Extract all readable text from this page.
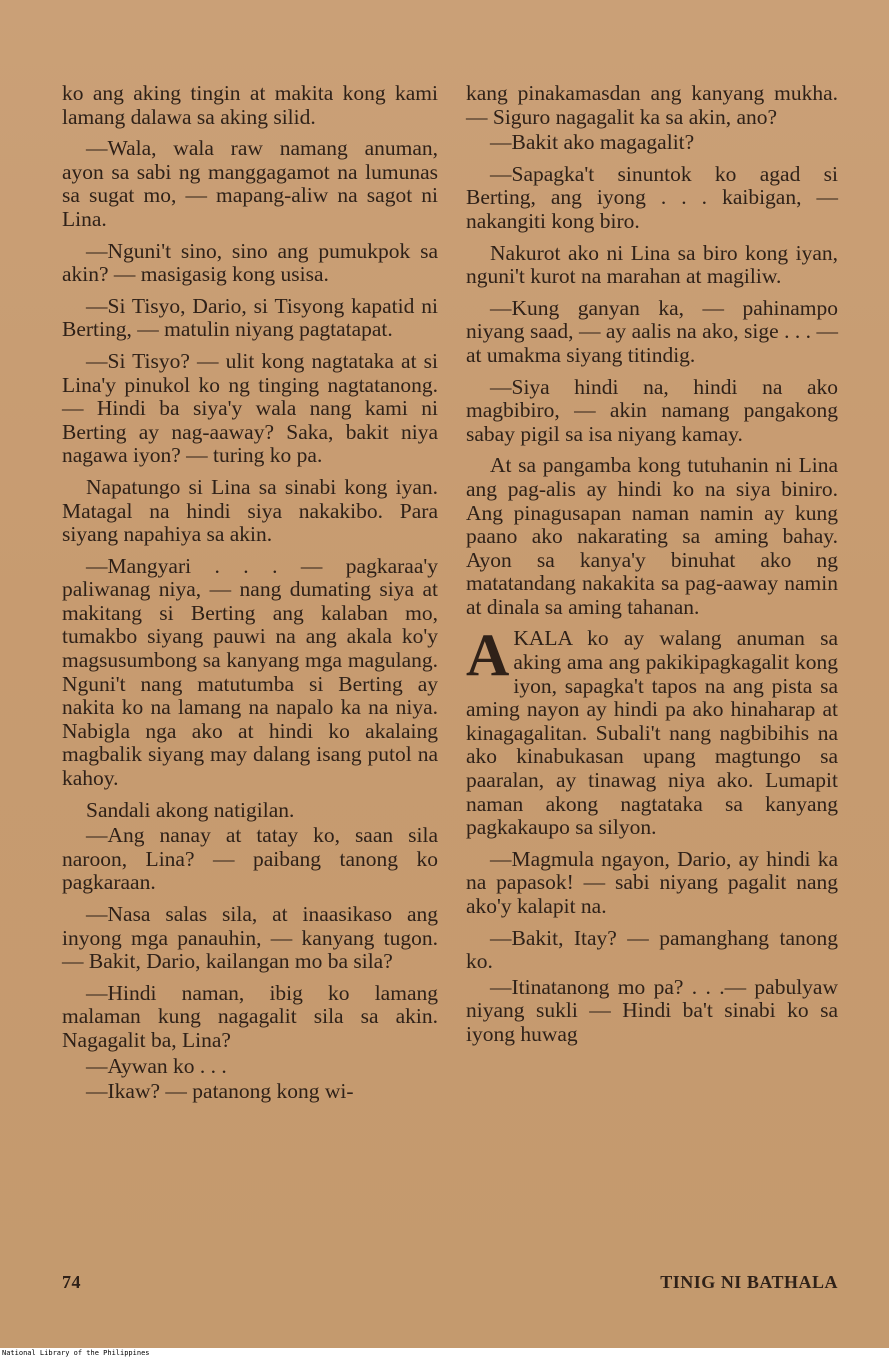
ko ang aking tingin at makita kong kami lamang dalawa sa aking silid.

—Wala, wala raw namang anuman, ayon sa sabi ng manggagamot na lumunas sa sugat mo, — mapang-aliw na sagot ni Lina.

—Nguni't sino, sino ang pumukpok sa akin? — masigasig kong usisa.

—Si Tisyo, Dario, si Tisyong kapatid ni Berting, — matulin niyang pagtatapat.

—Si Tisyo? — ulit kong nagtataka at si Lina'y pinukol ko ng tinging nagtatanong. — Hindi ba siya'y wala nang kami ni Berting ay nag-aaway? Saka, bakit niya nagawa iyon? — turing ko pa.

Napatungo si Lina sa sinabi kong iyan. Matagal na hindi siya nakakibo. Para siyang napahiya sa akin.

—Mangyari . . . — pagkaraa'y paliwanag niya, — nang dumating siya at makitang si Berting ang kalaban mo, tumakbo siyang pauwi na ang akala ko'y magsusumbong sa kanyang mga magulang. Nguni't nang matutumba si Berting ay nakita ko na lamang na napalo ka na niya. Nabigla nga ako at hindi ko akalaing magbalik siyang may dalang isang putol na kahoy.

Sandali akong natigilan.

—Ang nanay at tatay ko, saan sila naroon, Lina? — paibang tanong ko pagkaraan.

—Nasa salas sila, at inaasikaso ang inyong mga panauhin, — kanyang tugon. — Bakit, Dario, kailangan mo ba sila?

—Hindi naman, ibig ko lamang malaman kung nagagalit sila sa akin. Nagagalit ba, Lina?

—Aywan ko . . .

—Ikaw? — patanong kong wi-

kang pinakamasdan ang kanyang mukha. — Siguro nagagalit ka sa akin, ano?

—Bakit ako magagalit?

—Sapagka't sinuntok ko agad si Berting, ang iyong . . . kaibigan, — nakangiti kong biro.

Nakurot ako ni Lina sa biro kong iyan, nguni't kurot na marahan at magiliw.

—Kung ganyan ka, — pahinampo niyang saad, — ay aalis na ako, sige . . . — at umakma siyang titindig.

—Siya hindi na, hindi na ako magbibiro, — akin namang pangakong sabay pigil sa isa niyang kamay.

At sa pangamba kong tutuhanin ni Lina ang pag-alis ay hindi ko na siya biniro. Ang pinagusapan naman namin ay kung paano ako nakarating sa aming bahay. Ayon sa kanya'y binuhat ako ng matatandang nakakita sa pag-aaway namin at dinala sa aming tahanan.

AKALA ko ay walang anuman sa aking ama ang pakikipagkagalit kong iyon, sapagka't tapos na ang pista sa aming nayon ay hindi pa ako hinaharap at kinagagalitan. Subali't nang nagbibihis na ako kinabukasan upang magtungo sa paaralan, ay tinawag niya ako. Lumapit naman akong nagtataka sa kanyang pagkakaupo sa silyon.

—Magmula ngayon, Dario, ay hindi ka na papasok! — sabi niyang pagalit nang ako'y kalapit na.

—Bakit, Itay? — pamanghang tanong ko.

—Itinatanong mo pa? . . .— pabulyaw niyang sukli — Hindi ba't sinabi ko sa iyong huwag

74	TINIG NI BATHALA
National Library of the Philippines
